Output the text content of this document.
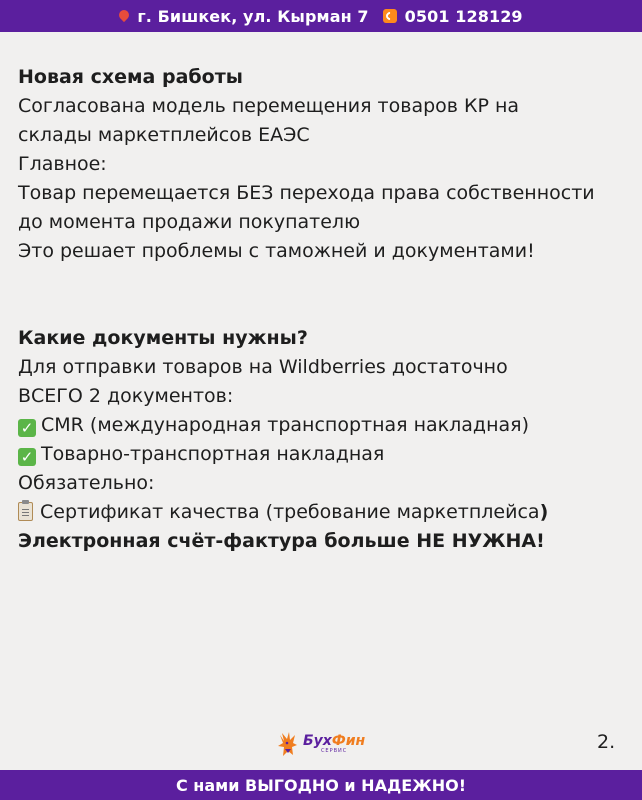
г. Бишкек, ул. Кырман 7 0501 128129

Новая схема работы

Согласована модель перемещения товаров КР на

склады маркетплейсов ЕАЭС

Главное:

Товар перемещается БЕЗ перехода права собственности

до момента продажи покупателю

Это решает проблемы с таможней и документами!

Какие документы нужны?

Для отправки товаров на Wildberries достаточно

ВСЕГО 2 документов:

✓ CMR (международная транспортная накладная)

✓ Товарно-транспортная накладная

Обязательно:

Сертификат качества (требование маркетплейса)

Электронная счёт-фактура больше НЕ НУЖНА!

БухФин
СЕРВИС	2.
С нами ВЫГОДНО и НАДЕЖНО!
